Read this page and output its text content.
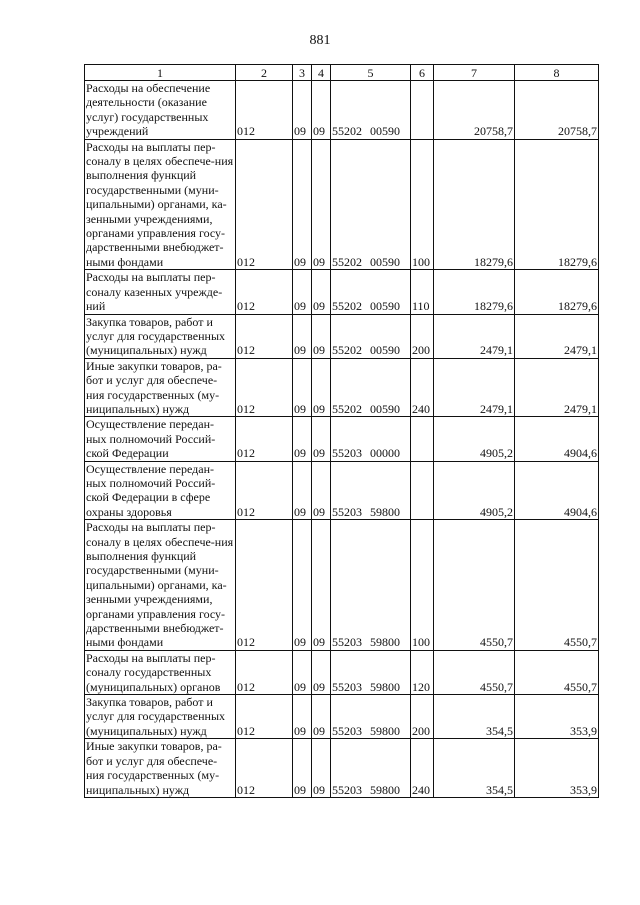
881
1	2	3	4	5	6	7	8
Расходы на обеспечение деятельности (оказание услуг) государственных учреждений	012	09	09	55202 00590		20758,7	20758,7
Расходы на выплаты пер-соналу в целях обеспече-ния выполнения функций государственными (муни-ципальными) органами, ка-зенными учреждениями, органами управления госу-дарственными внебюджет-ными фондами	012	09	09	55202 00590	100	18279,6	18279,6
Расходы на выплаты пер-соналу казенных учрежде-ний	012	09	09	55202 00590	110	18279,6	18279,6
Закупка товаров, работ и услуг для государственных (муниципальных) нужд	012	09	09	55202 00590	200	2479,1	2479,1
Иные закупки товаров, ра-бот и услуг для обеспече-ния государственных (му-ниципальных) нужд	012	09	09	55202 00590	240	2479,1	2479,1
Осуществление передан-ных полномочий Россий-ской Федерации	012	09	09	55203 00000		4905,2	4904,6
Осуществление передан-ных полномочий Россий-ской Федерации в сфере охраны здоровья	012	09	09	55203 59800		4905,2	4904,6
Расходы на выплаты пер-соналу в целях обеспече-ния выполнения функций государственными (муни-ципальными) органами, ка-зенными учреждениями, органами управления госу-дарственными внебюджет-ными фондами	012	09	09	55203 59800	100	4550,7	4550,7
Расходы на выплаты пер-соналу государственных (муниципальных) органов	012	09	09	55203 59800	120	4550,7	4550,7
Закупка товаров, работ и услуг для государственных (муниципальных) нужд	012	09	09	55203 59800	200	354,5	353,9
Иные закупки товаров, ра-бот и услуг для обеспече-ния государственных (му-ниципальных) нужд	012	09	09	55203 59800	240	354,5	353,9
